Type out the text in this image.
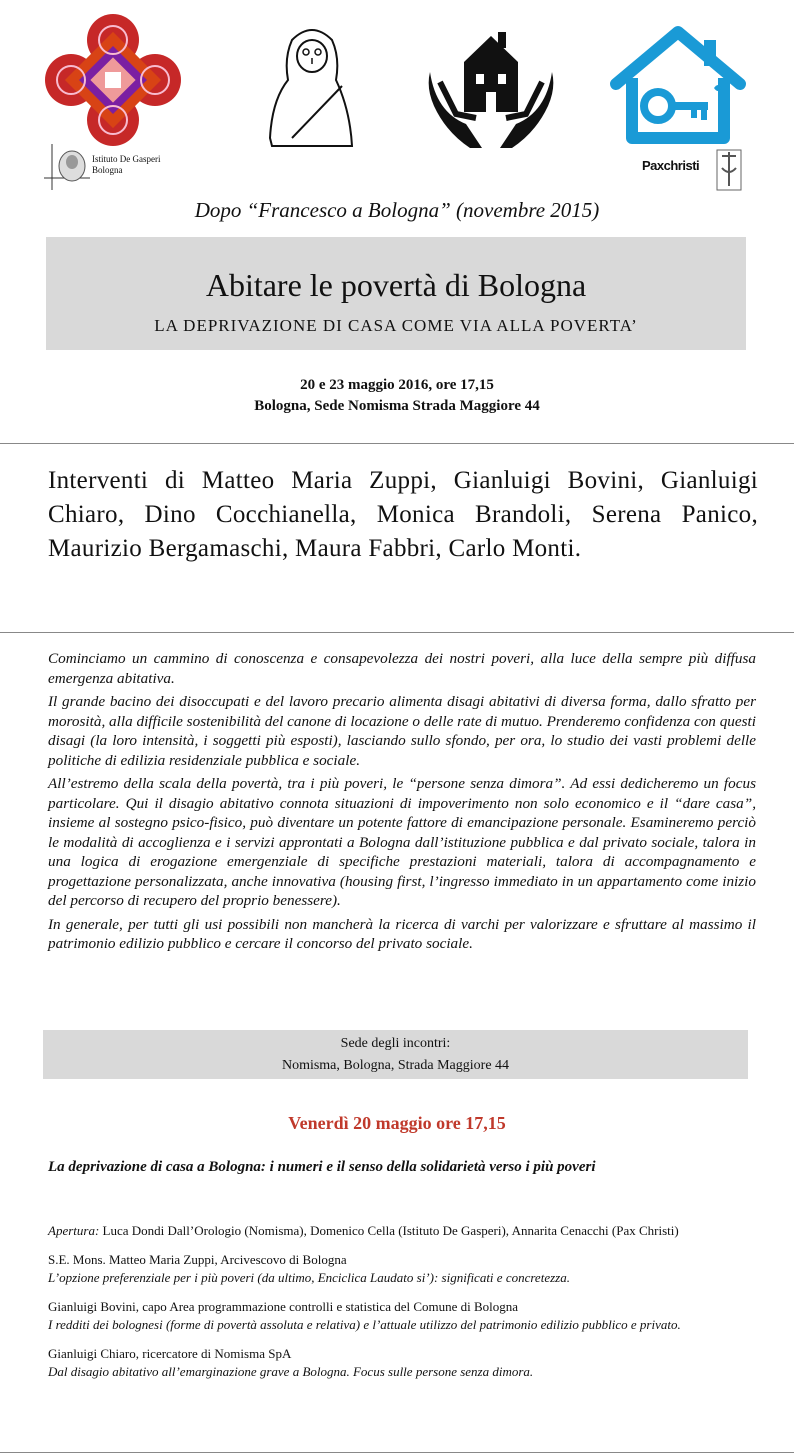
Istituto De Gasperi
Bologna	Paxchristi
Dopo “Francesco a Bologna” (novembre 2015)
Abitare le povertà di Bologna
LA DEPRIVAZIONE DI CASA COME VIA ALLA POVERTA’
20 e 23 maggio 2016, ore 17,15
Bologna, Sede Nomisma Strada Maggiore 44
Interventi di Matteo Maria Zuppi, Gianluigi Bovini, Gianluigi Chiaro, Dino Cocchianella, Monica Brandoli, Serena Panico, Maurizio Bergamaschi, Maura Fabbri, Carlo Monti.

Cominciamo un cammino di conoscenza e consapevolezza dei nostri poveri, alla luce della sempre più diffusa emergenza abitativa.

Il grande bacino dei disoccupati e del lavoro precario alimenta disagi abitativi di diversa forma, dallo sfratto per morosità, alla difficile sostenibilità del canone di locazione o delle rate di mutuo. Prenderemo confidenza con questi disagi (la loro intensità, i soggetti più esposti), lasciando sullo sfondo, per ora, lo studio dei vasti problemi delle politiche di edilizia residenziale pubblica e sociale.

All’estremo della scala della povertà, tra i più poveri, le “persone senza dimora”. Ad essi dedicheremo un focus particolare. Qui il disagio abitativo connota situazioni di impoverimento non solo economico e il “dare casa”, insieme al sostegno psico-fisico, può diventare un potente fattore di emancipazione personale. Esamineremo perciò le modalità di accoglienza e i servizi approntati a Bologna dall’istituzione pubblica e dal privato sociale, talora in una logica di erogazione emergenziale di specifiche prestazioni materiali, talora di accompagnamento e progettazione personalizzata, anche innovativa (housing first, l’ingresso immediato in un appartamento come inizio del percorso di recupero del proprio benessere).

In generale, per tutti gli usi possibili non mancherà la ricerca di varchi per valorizzare e sfruttare al massimo il patrimonio edilizio pubblico e cercare il concorso del privato sociale.

Sede degli incontri:
Nomisma, Bologna, Strada Maggiore 44
Venerdì 20 maggio ore 17,15
La deprivazione di casa a Bologna: i numeri e il senso della solidarietà verso i più poveri
Apertura: Luca Dondi Dall’Orologio (Nomisma), Domenico Cella (Istituto De Gasperi), Annarita Cenacchi (Pax Christi)
S.E. Mons. Matteo Maria Zuppi, Arcivescovo di Bologna
L’opzione preferenziale per i più poveri (da ultimo, Enciclica Laudato si’): significati e concretezza.
Gianluigi Bovini, capo Area programmazione controlli e statistica del Comune di Bologna
I redditi dei bolognesi (forme di povertà assoluta e relativa) e l’attuale utilizzo del patrimonio edilizio pubblico e privato.
Gianluigi Chiaro, ricercatore di Nomisma SpA
Dal disagio abitativo all’emarginazione grave a Bologna. Focus sulle persone senza dimora.
